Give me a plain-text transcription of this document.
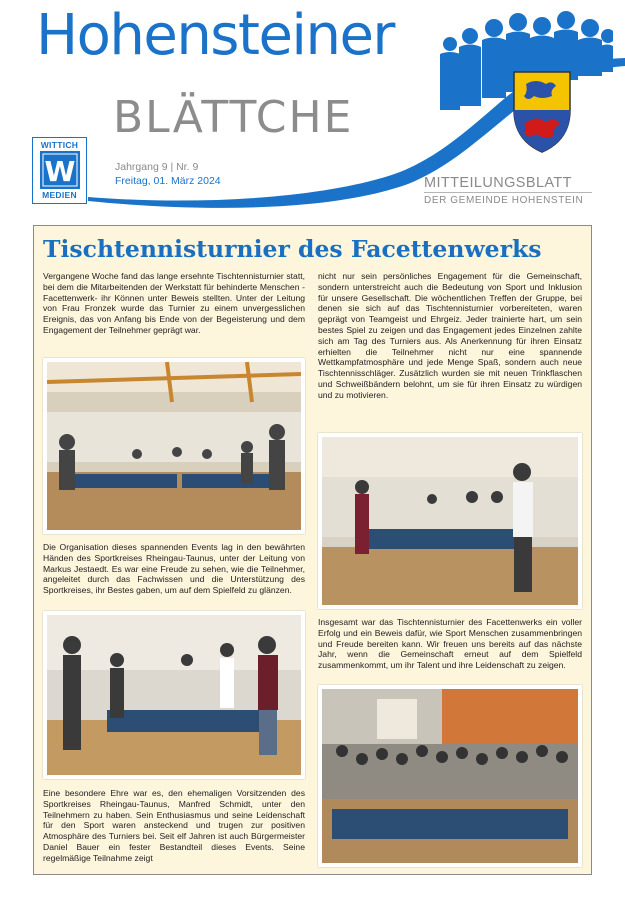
Hohensteiner
BLÄTTCHE
WITTICH
W
MEDIEN
Jahrgang 9 | Nr. 9
Freitag, 01. März 2024	MITTEILUNGSBLATT
DER GEMEINDE HOHENSTEIN
Tischtennisturnier des Facettenwerks

Vergangene Woche fand das lange ersehnte Tischtennisturnier statt, bei dem die Mitarbeitenden der Werkstatt für behinderte Menschen -Facettenwerk- ihr Können unter Beweis stellten. Unter der Leitung von Frau Fronzek wurde das Turnier zu einem unvergesslichen Ereignis, das von Anfang bis Ende von der Begeisterung und dem Engagement der Teilnehmer geprägt war.

Die Organisation dieses spannenden Events lag in den bewährten Händen des Sportkreises Rheingau-Taunus, unter der Leitung von Markus Jestaedt. Es war eine Freude zu sehen, wie die Teilnehmer, angeleitet durch das Fachwissen und die Unterstützung des Sportkreises, ihr Bestes gaben, um auf dem Spielfeld zu glänzen.

Eine besondere Ehre war es, den ehemaligen Vorsitzenden des Sportkreises Rheingau-Taunus, Manfred Schmidt, unter den Teilnehmern zu haben. Sein Enthusiasmus und seine Leidenschaft für den Sport waren ansteckend und trugen zur positiven Atmosphäre des Turniers bei. Seit elf Jahren ist auch Bürgermeister Daniel Bauer ein fester Bestandteil dieses Events. Seine regelmäßige Teilnahme zeigt

nicht nur sein persönliches Engagement für die Gemeinschaft, sondern unterstreicht auch die Bedeutung von Sport und Inklusion für unsere Gesellschaft. Die wöchentlichen Treffen der Gruppe, bei denen sie sich auf das Tischtennisturnier vorbereiteten, waren geprägt von Teamgeist und Ehrgeiz. Jeder trainierte hart, um sein bestes Spiel zu zeigen und das Engagement jedes Einzelnen zahlte sich am Tag des Turniers aus. Als Anerkennung für ihren Einsatz erhielten die Teilnehmer nicht nur eine spannende Wettkampfatmosphäre und jede Menge Spaß, sondern auch neue Tischtennisschläger. Zusätzlich wurden sie mit neuen Trinkflaschen und Schweißbändern belohnt, um sie für ihren Einsatz zu würdigen und zu motivieren.

Insgesamt war das Tischtennisturnier des Facettenwerks ein voller Erfolg und ein Beweis dafür, wie Sport Menschen zusammenbringen und Freude bereiten kann. Wir freuen uns bereits auf das nächste Jahr, wenn die Gemeinschaft erneut auf dem Spielfeld zusammenkommt, um ihr Talent und ihre Leidenschaft zu zeigen.
